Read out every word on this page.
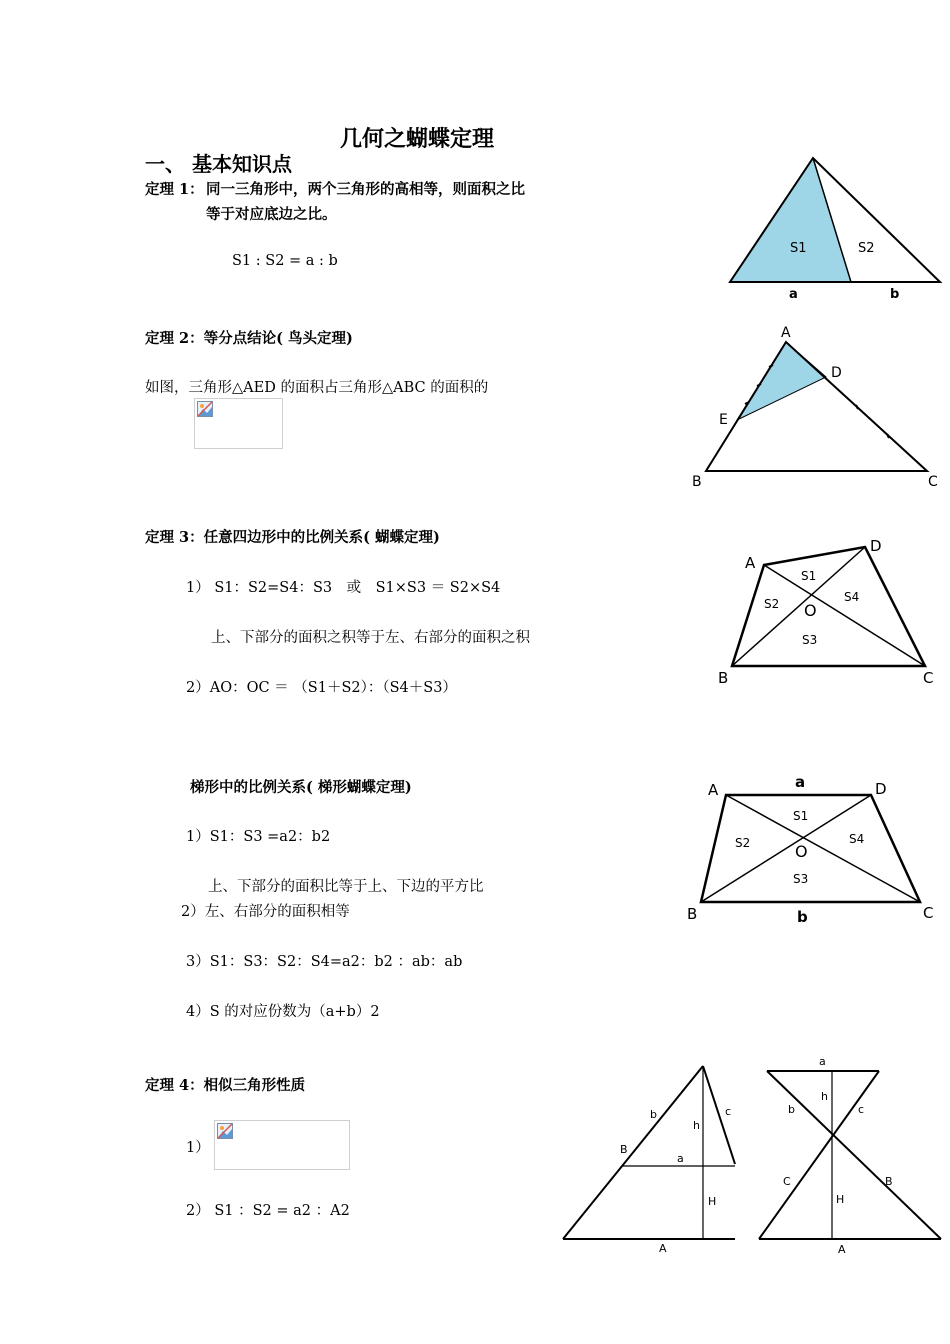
几何之蝴蝶定理
一、 基本知识点
定理 1： 同一三角形中，两个三角形的高相等，则面积之比
等于对应底边之比。
S1 : S2 = a : b
S1	S2
a	b
定理 2：等分点结论( 鸟头定理)
如图，三角形△AED 的面积占三角形△ABC 的面积的
A
D
E
B	C
定理 3：任意四边形中的比例关系( 蝴蝶定理)
1） S1：S2=S4：S3　或　S1×S3 ＝ S2×S4
上、下部分的面积之积等于左、右部分的面积之积
2）AO：OC ＝ （S1＋S2）：（S4＋S3）
A
D
B	C
O
S1
S2	S4
S3
梯形中的比例关系( 梯形蝴蝶定理)
1）S1：S3 =a2：b2
上、下部分的面积比等于上、下边的平方比
2）左、右部分的面积相等
3）S1：S3：S2：S4=a2：b2 ：ab：ab
4）S 的对应份数为（a+b）2
A	D
B	C
a
b
O
S1
S2	S4
S3
定理 4：相似三角形性质
1）
2） S1 ：S2 = a2 ：A2
b	c
h
B
a
H
A
a
b	c
h
C	B
H
A
